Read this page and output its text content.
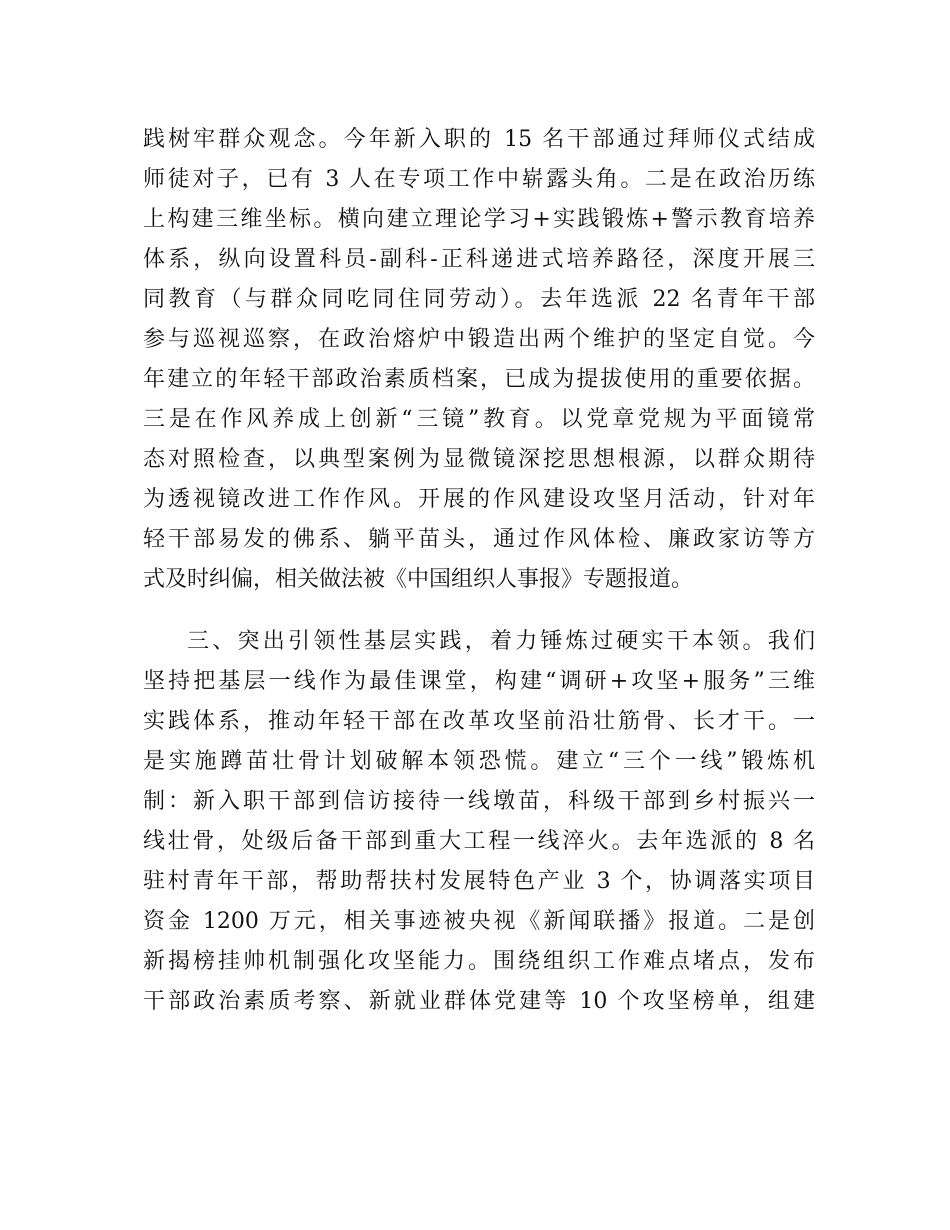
践树牢群众观念。今年新入职的 15 名干部通过拜师仪式结成
师徒对子，已有 3 人在专项工作中崭露头角。二是在政治历练
上构建三维坐标。横向建立理论学习+实践锻炼+警示教育培养
体系，纵向设置科员-副科-正科递进式培养路径，深度开展三
同教育（与群众同吃同住同劳动）。去年选派 22 名青年干部
参与巡视巡察，在政治熔炉中锻造出两个维护的坚定自觉。今
年建立的年轻干部政治素质档案，已成为提拔使用的重要依据。
三是在作风养成上创新“三镜”教育。以党章党规为平面镜常
态对照检查，以典型案例为显微镜深挖思想根源，以群众期待
为透视镜改进工作作风。开展的作风建设攻坚月活动，针对年
轻干部易发的佛系、躺平苗头，通过作风体检、廉政家访等方
式及时纠偏，相关做法被《中国组织人事报》专题报道。
三、突出引领性基层实践，着力锤炼过硬实干本领。我们
坚持把基层一线作为最佳课堂，构建“调研+攻坚+服务”三维
实践体系，推动年轻干部在改革攻坚前沿壮筋骨、长才干。一
是实施蹲苗壮骨计划破解本领恐慌。建立“三个一线”锻炼机
制：新入职干部到信访接待一线墩苗，科级干部到乡村振兴一
线壮骨，处级后备干部到重大工程一线淬火。去年选派的 8 名
驻村青年干部，帮助帮扶村发展特色产业 3 个，协调落实项目
资金 1200 万元，相关事迹被央视《新闻联播》报道。二是创
新揭榜挂帅机制强化攻坚能力。围绕组织工作难点堵点，发布
干部政治素质考察、新就业群体党建等 10 个攻坚榜单，组建
